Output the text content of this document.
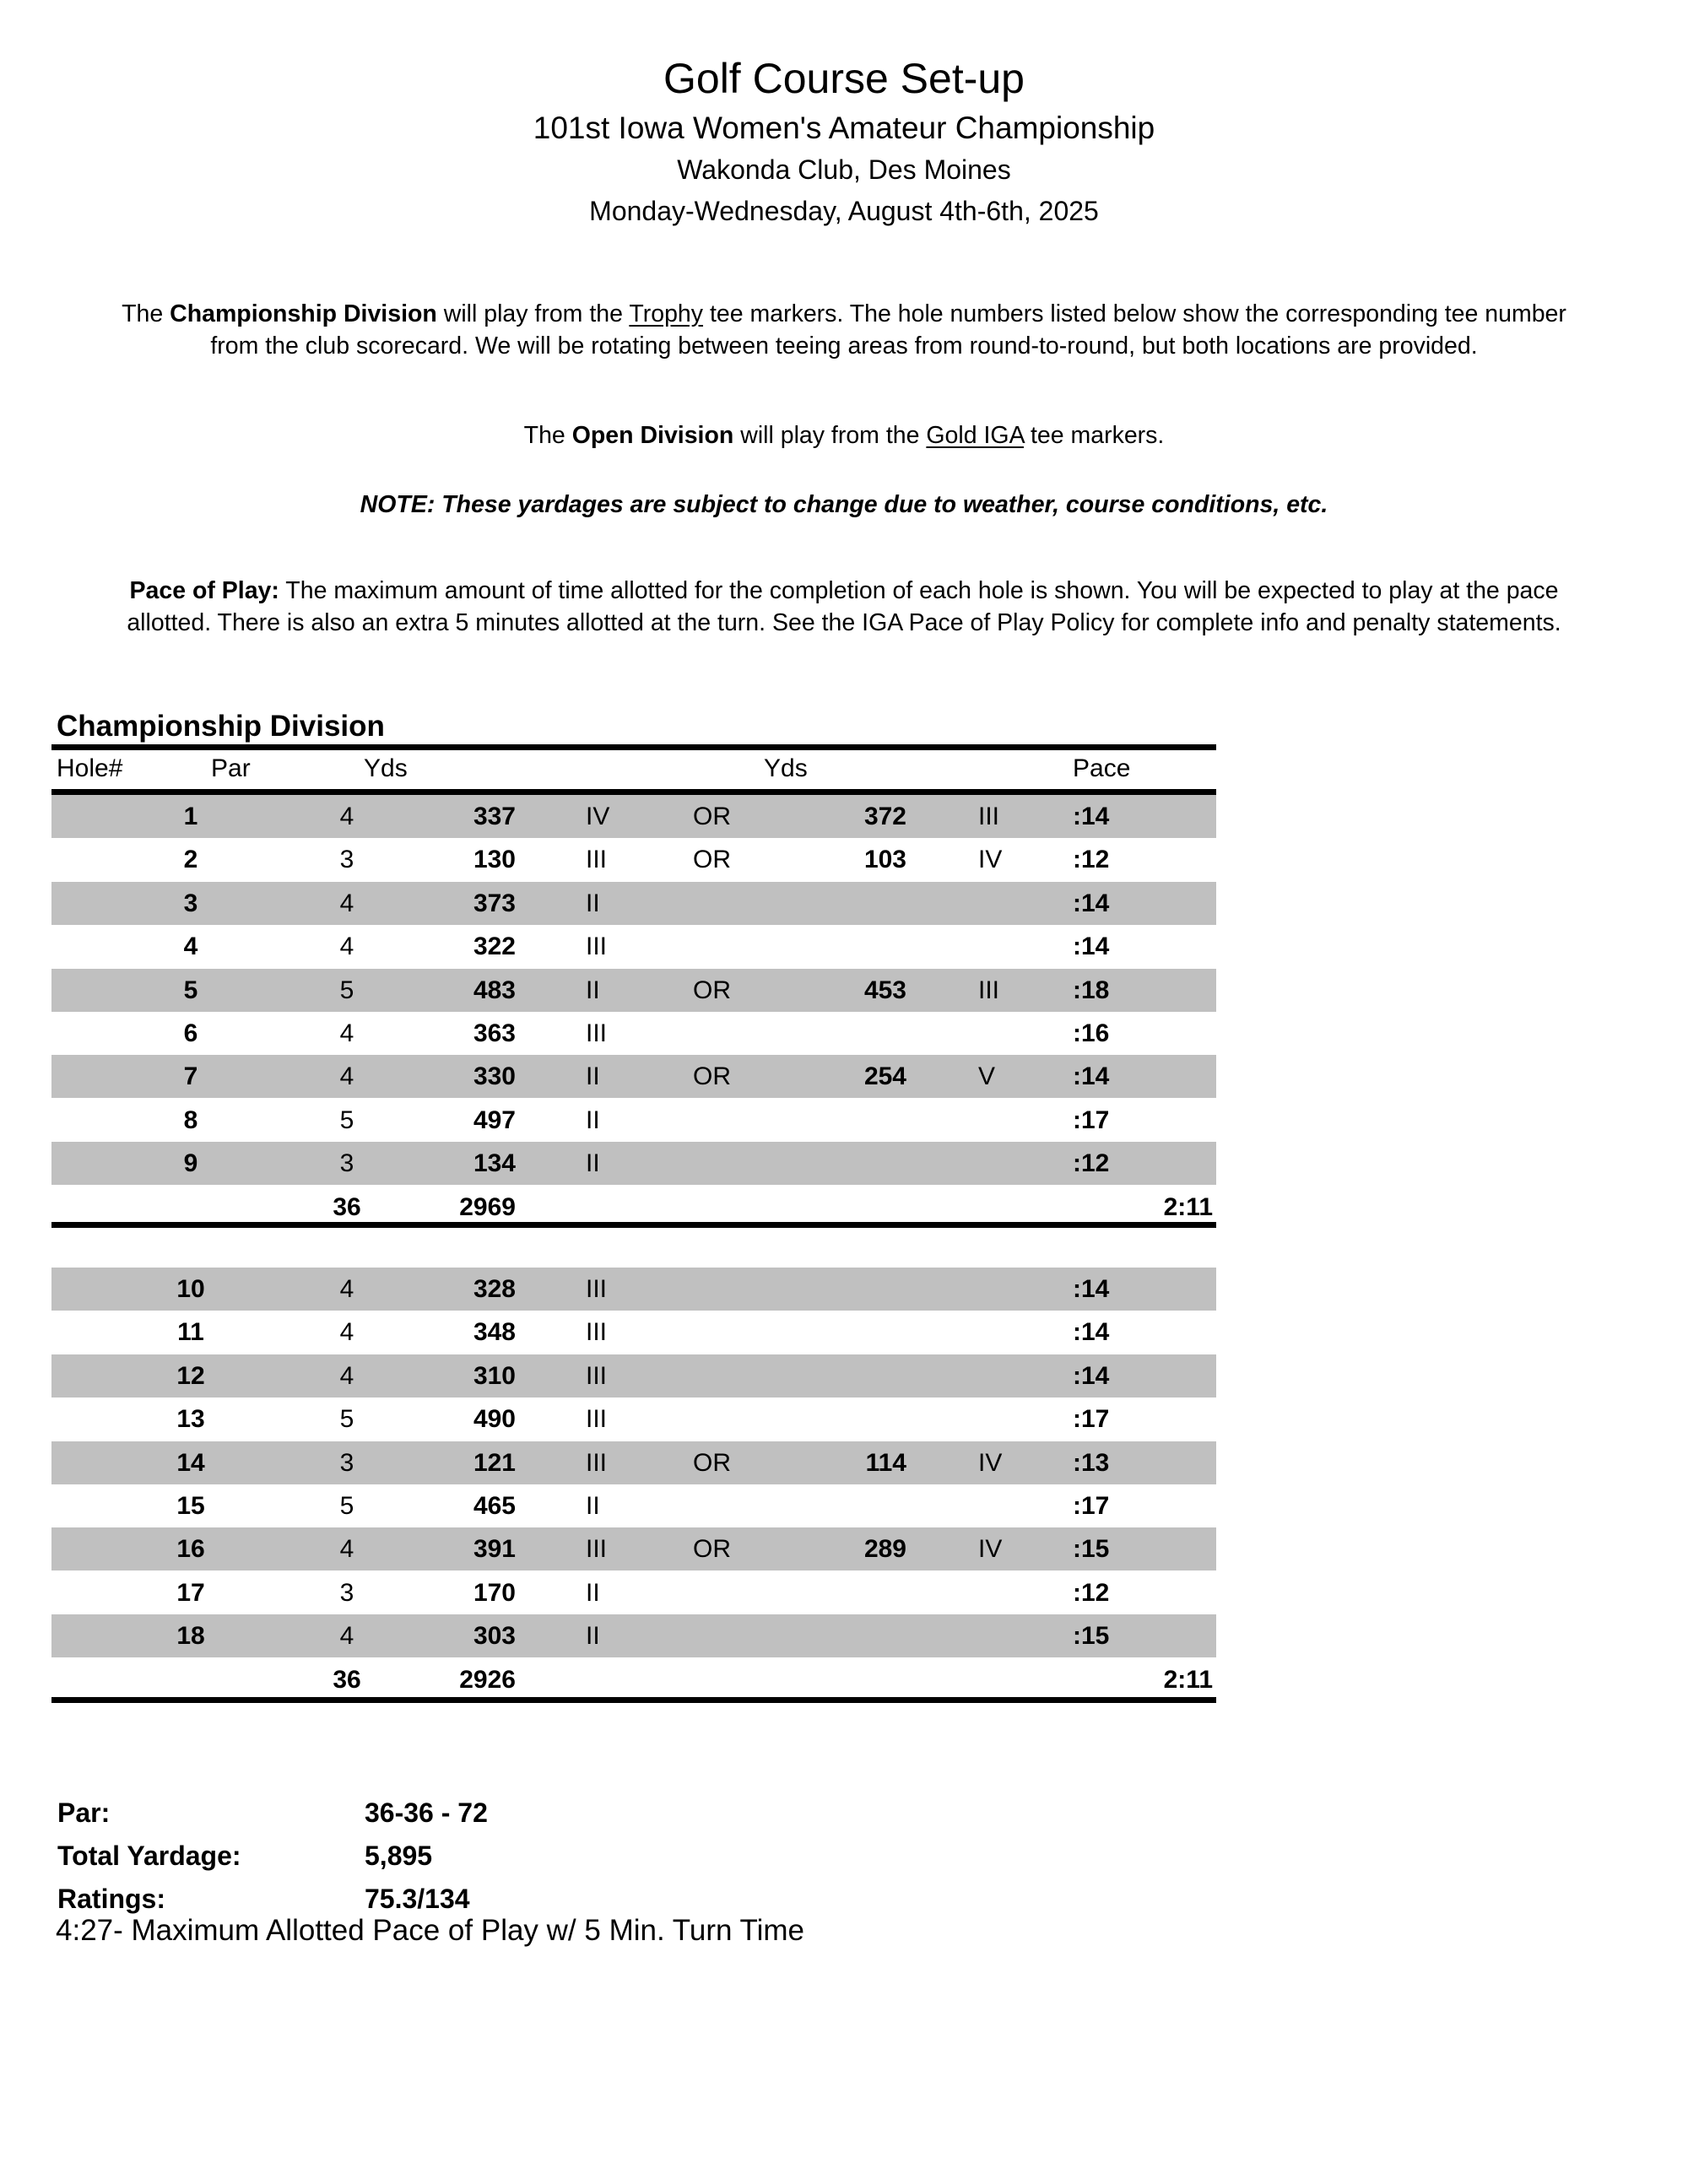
Golf Course Set-up
101st Iowa Women's Amateur Championship
Wakonda Club, Des Moines
Monday-Wednesday, August 4th-6th, 2025
The Championship Division will play from the Trophy tee markers. The hole numbers listed below show the corresponding tee number
from the club scorecard. We will be rotating between teeing areas from round-to-round, but both locations are provided.
The Open Division will play from the Gold IGA tee markers.
NOTE: These yardages are subject to change due to weather, course conditions, etc.
Pace of Play: The maximum amount of time allotted for the completion of each hole is shown. You will be expected to play at the pace
allotted. There is also an extra 5 minutes allotted at the turn. See the IGA Pace of Play Policy for complete info and penalty statements.
Championship Division
Hole#	Par	Yds	Yds	Pace
1	4	337	IV	OR	372	III	:14
2	3	130	III	OR	103	IV	:12
3	4	373	II	:14
4	4	322	III	:14
5	5	483	II	OR	453	III	:18
6	4	363	III	:16
7	4	330	II	OR	254	V	:14
8	5	497	II	:17
9	3	134	II	:12
36	2969	2:11
10	4	328	III	:14
11	4	348	III	:14
12	4	310	III	:14
13	5	490	III	:17
14	3	121	III	OR	114	IV	:13
15	5	465	II	:17
16	4	391	III	OR	289	IV	:15
17	3	170	II	:12
18	4	303	II	:15
36	2926	2:11
Par:	36-36 - 72
Total Yardage:	5,895
Ratings:	75.3/134
4:27- Maximum Allotted Pace of Play w/ 5 Min. Turn Time
